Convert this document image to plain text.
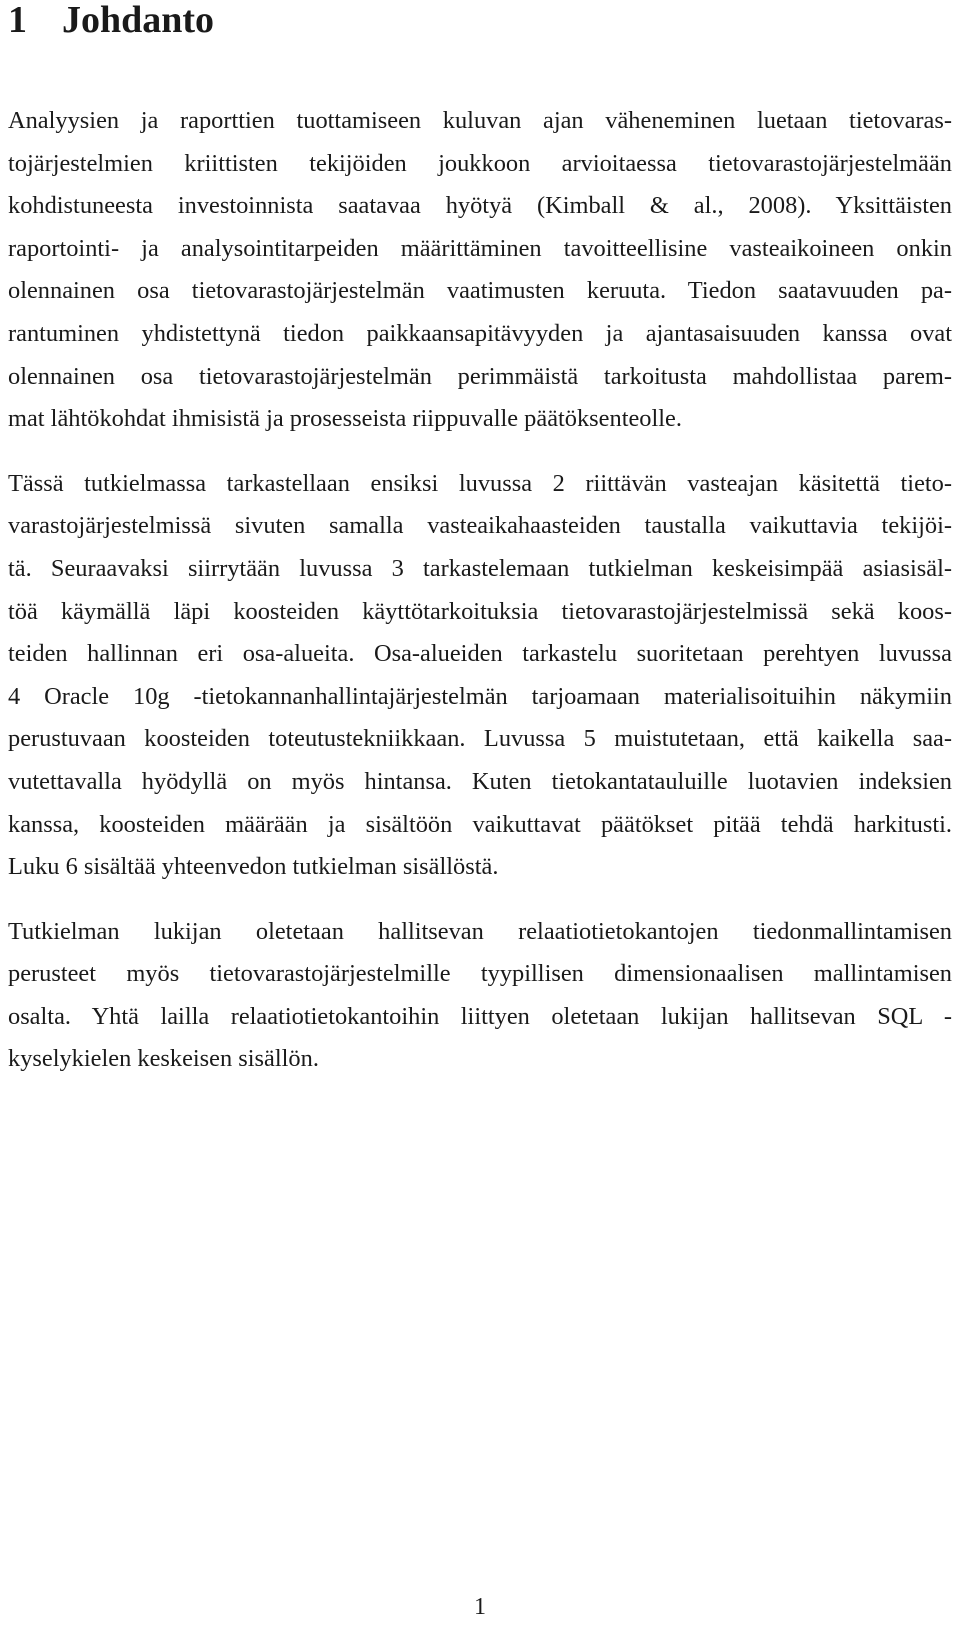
1 Johdanto
Analyysien ja raporttien tuottamiseen kuluvan ajan väheneminen luetaan tietovaras-
tojärjestelmien kriittisten tekijöiden joukkoon arvioitaessa tietovarastojärjestelmään
kohdistuneesta investoinnista saatavaa hyötyä (Kimball & al., 2008). Yksittäisten
raportointi- ja analysointitarpeiden määrittäminen tavoitteellisine vasteaikoineen onkin
olennainen osa tietovarastojärjestelmän vaatimusten keruuta. Tiedon saatavuuden pa-
rantuminen yhdistettynä tiedon paikkaansapitävyyden ja ajantasaisuuden kanssa ovat
olennainen osa tietovarastojärjestelmän perimmäistä tarkoitusta mahdollistaa parem-
mat lähtökohdat ihmisistä ja prosesseista riippuvalle päätöksenteolle.
Tässä tutkielmassa tarkastellaan ensiksi luvussa 2 riittävän vasteajan käsitettä tieto-
varastojärjestelmissä sivuten samalla vasteaikahaasteiden taustalla vaikuttavia tekijöi-
tä. Seuraavaksi siirrytään luvussa 3 tarkastelemaan tutkielman keskeisimpää asiasisäl-
töä käymällä läpi koosteiden käyttötarkoituksia tietovarastojärjestelmissä sekä koos-
teiden hallinnan eri osa-alueita. Osa-alueiden tarkastelu suoritetaan perehtyen luvussa
4 Oracle 10g -tietokannanhallintajärjestelmän tarjoamaan materialisoituihin näkymiin
perustuvaan koosteiden toteutustekniikkaan. Luvussa 5 muistutetaan, että kaikella saa-
vutettavalla hyödyllä on myös hintansa. Kuten tietokantatauluille luotavien indeksien
kanssa, koosteiden määrään ja sisältöön vaikuttavat päätökset pitää tehdä harkitusti.
Luku 6 sisältää yhteenvedon tutkielman sisällöstä.
Tutkielman lukijan oletetaan hallitsevan relaatiotietokantojen tiedonmallintamisen
perusteet myös tietovarastojärjestelmille tyypillisen dimensionaalisen mallintamisen
osalta. Yhtä lailla relaatiotietokantoihin liittyen oletetaan lukijan hallitsevan SQL -
kyselykielen keskeisen sisällön.
1
